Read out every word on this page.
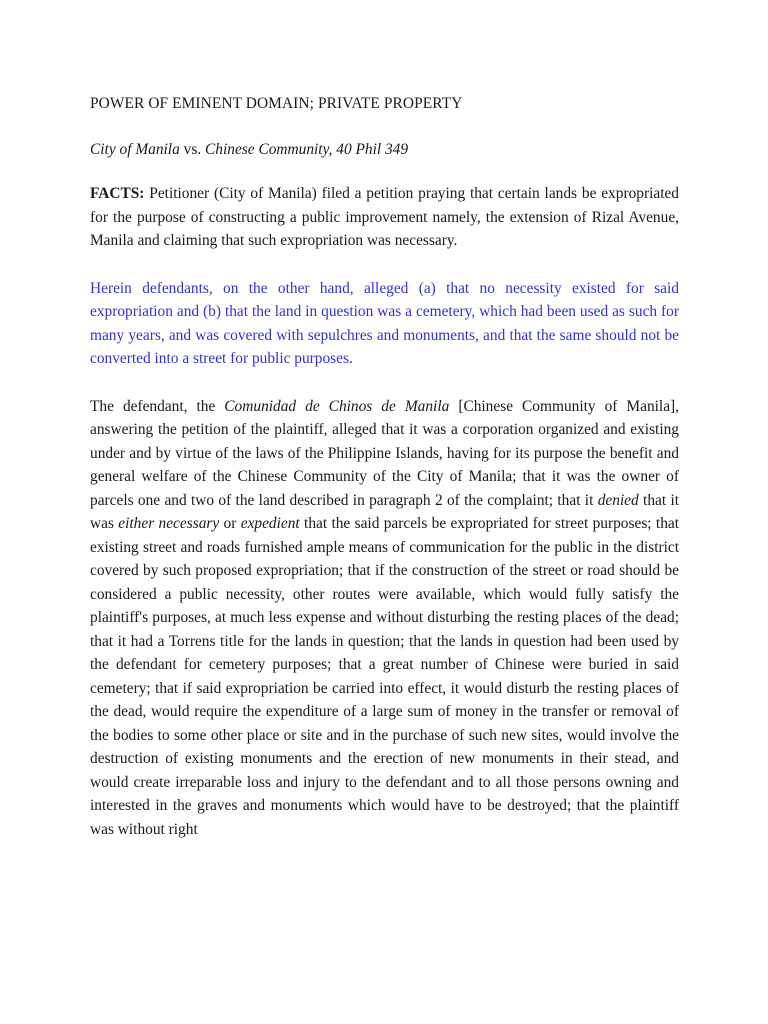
POWER OF EMINENT DOMAIN; PRIVATE PROPERTY
City of Manila vs. Chinese Community, 40 Phil 349

FACTS: Petitioner (City of Manila) filed a petition praying that certain lands be expropriated for the purpose of constructing a public improvement namely, the extension of Rizal Avenue, Manila and claiming that such expropriation was necessary.

Herein defendants, on the other hand, alleged (a) that no necessity existed for said expropriation and (b) that the land in question was a cemetery, which had been used as such for many years, and was covered with sepulchres and monuments, and that the same should not be converted into a street for public purposes.

The defendant, the Comunidad de Chinos de Manila [Chinese Community of Manila], answering the petition of the plaintiff, alleged that it was a corporation organized and existing under and by virtue of the laws of the Philippine Islands, having for its purpose the benefit and general welfare of the Chinese Community of the City of Manila; that it was the owner of parcels one and two of the land described in paragraph 2 of the complaint; that it denied that it was either necessary or expedient that the said parcels be expropriated for street purposes; that existing street and roads furnished ample means of communication for the public in the district covered by such proposed expropriation; that if the construction of the street or road should be considered a public necessity, other routes were available, which would fully satisfy the plaintiff's purposes, at much less expense and without disturbing the resting places of the dead; that it had a Torrens title for the lands in question; that the lands in question had been used by the defendant for cemetery purposes; that a great number of Chinese were buried in said cemetery; that if said expropriation be carried into effect, it would disturb the resting places of the dead, would require the expenditure of a large sum of money in the transfer or removal of the bodies to some other place or site and in the purchase of such new sites, would involve the destruction of existing monuments and the erection of new monuments in their stead, and would create irreparable loss and injury to the defendant and to all those persons owning and interested in the graves and monuments which would have to be destroyed; that the plaintiff was without right
